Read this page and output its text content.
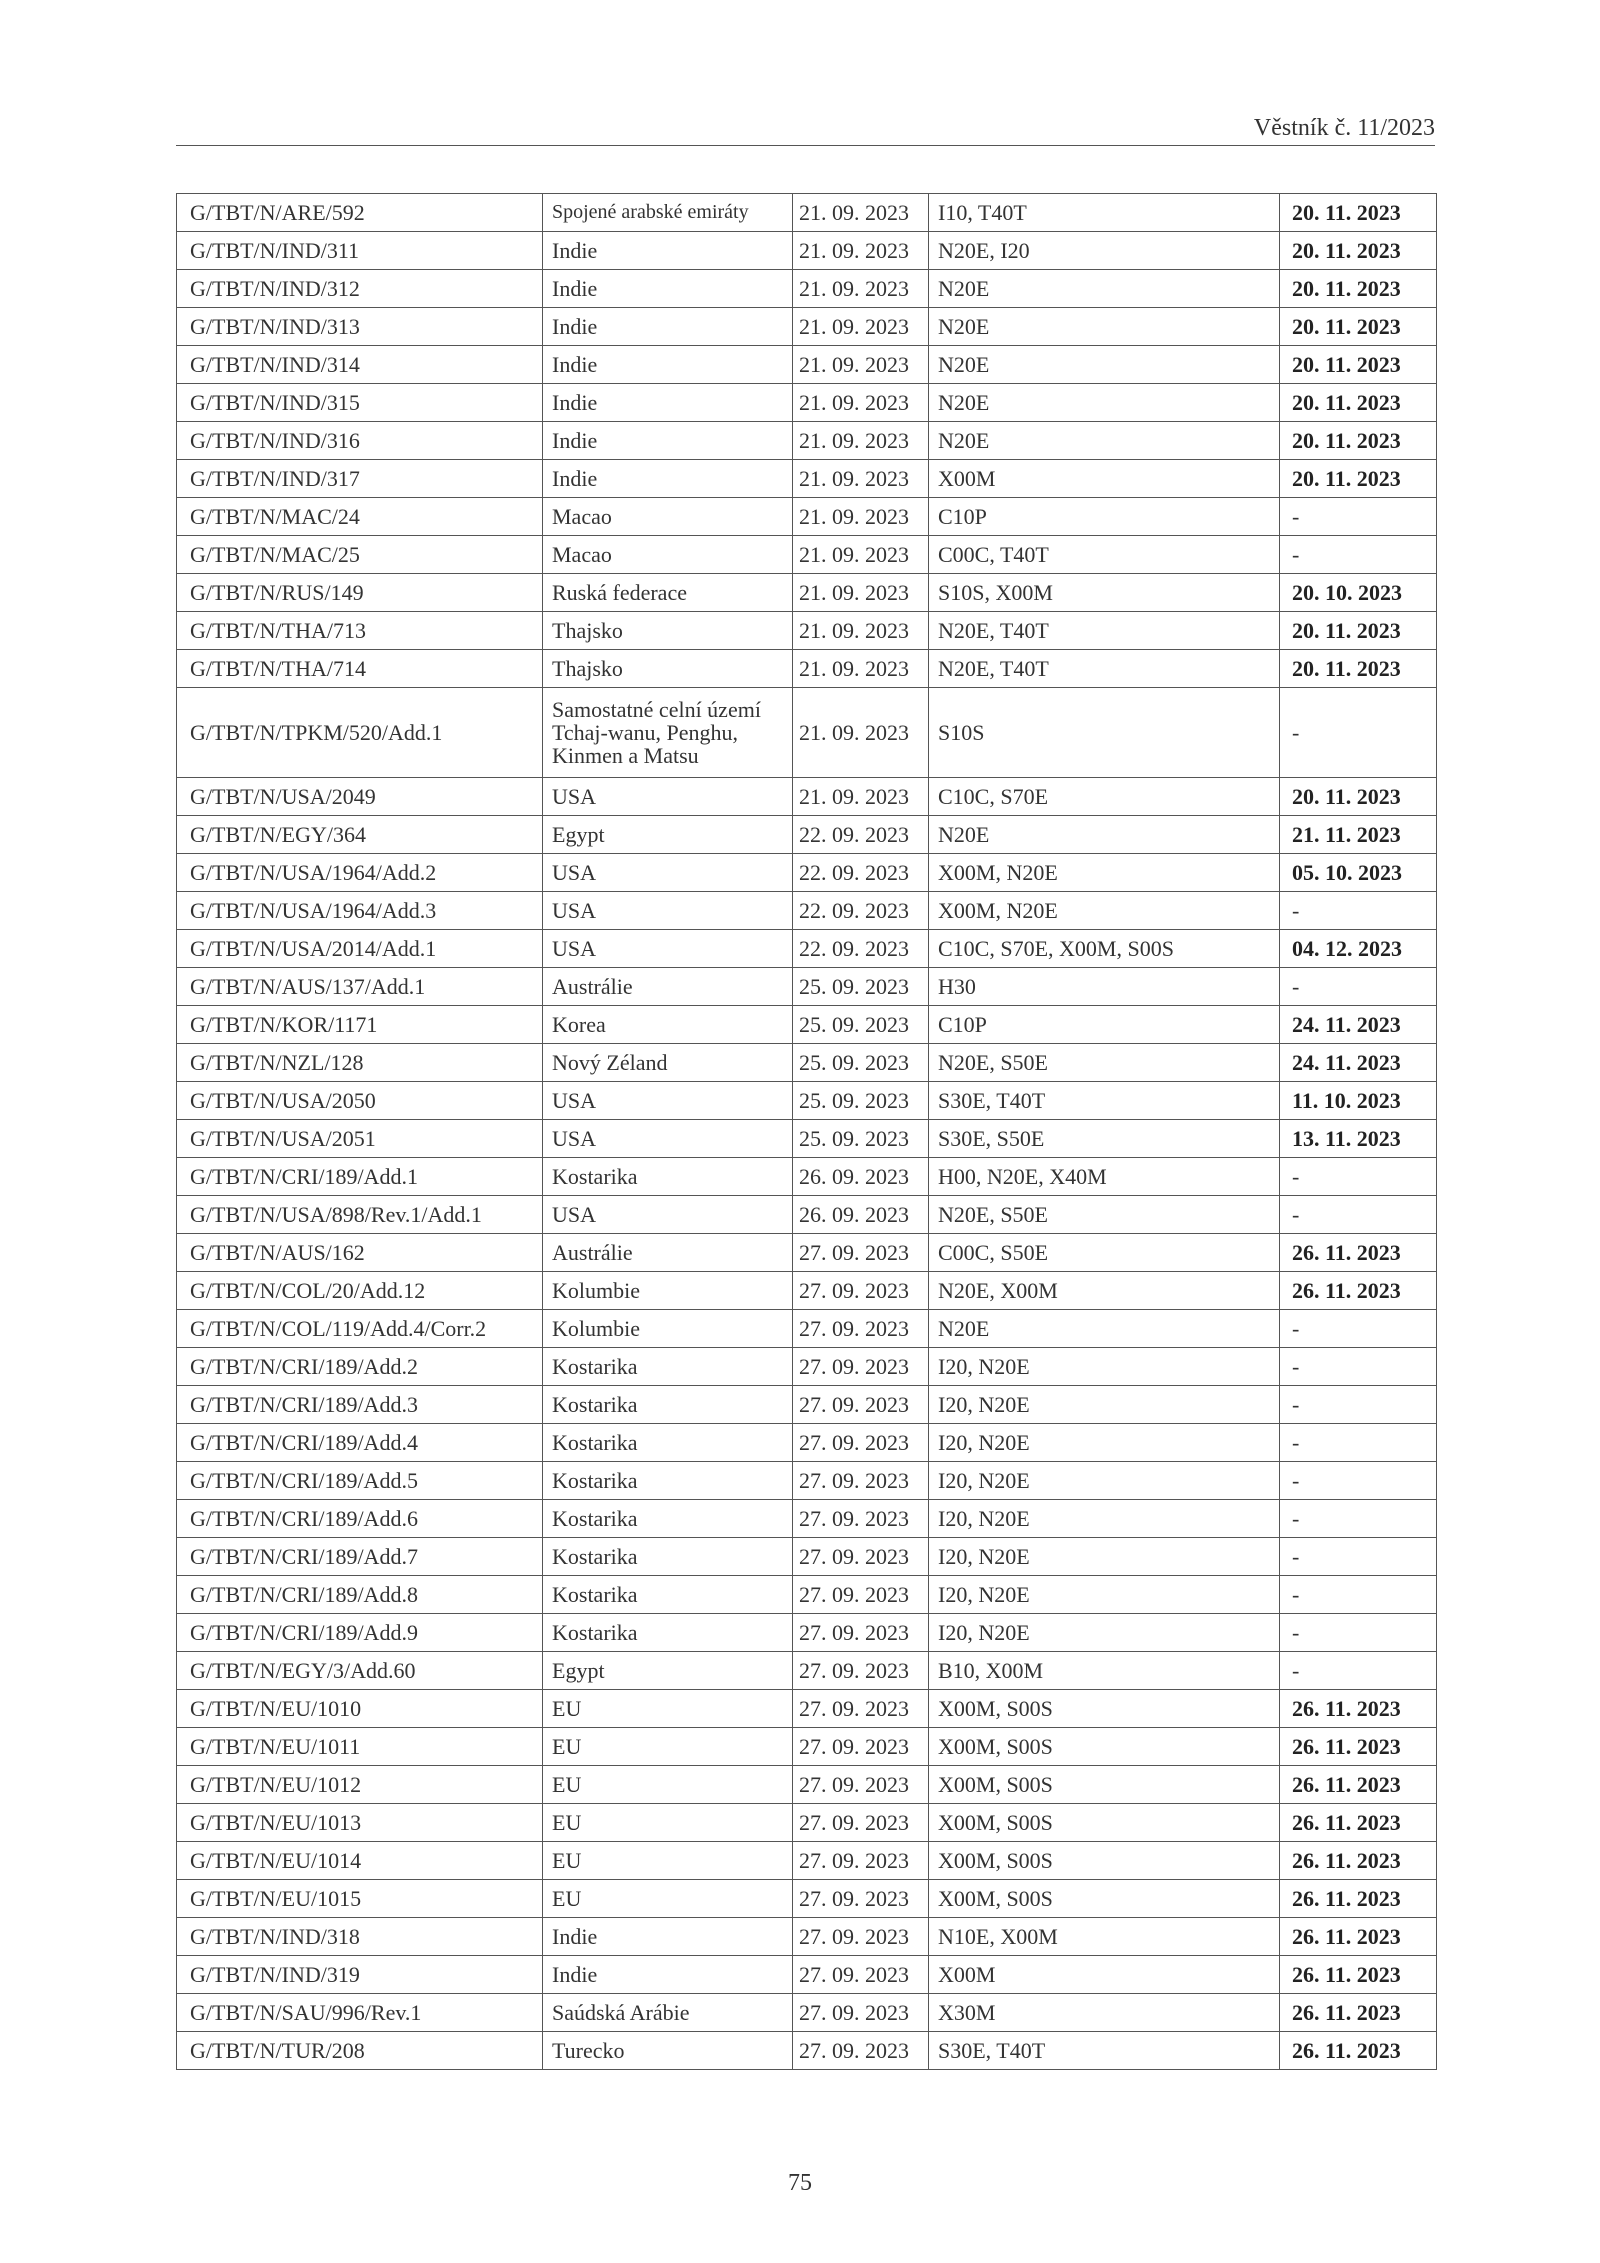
Věstník č. 11/2023
G/TBT/N/ARE/592	Spojené arabské emiráty	21. 09. 2023	I10, T40T	20. 11. 2023
G/TBT/N/IND/311	Indie	21. 09. 2023	N20E, I20	20. 11. 2023
G/TBT/N/IND/312	Indie	21. 09. 2023	N20E	20. 11. 2023
G/TBT/N/IND/313	Indie	21. 09. 2023	N20E	20. 11. 2023
G/TBT/N/IND/314	Indie	21. 09. 2023	N20E	20. 11. 2023
G/TBT/N/IND/315	Indie	21. 09. 2023	N20E	20. 11. 2023
G/TBT/N/IND/316	Indie	21. 09. 2023	N20E	20. 11. 2023
G/TBT/N/IND/317	Indie	21. 09. 2023	X00M	20. 11. 2023
G/TBT/N/MAC/24	Macao	21. 09. 2023	C10P	-
G/TBT/N/MAC/25	Macao	21. 09. 2023	C00C, T40T	-
G/TBT/N/RUS/149	Ruská federace	21. 09. 2023	S10S, X00M	20. 10. 2023
G/TBT/N/THA/713	Thajsko	21. 09. 2023	N20E, T40T	20. 11. 2023
G/TBT/N/THA/714	Thajsko	21. 09. 2023	N20E, T40T	20. 11. 2023
G/TBT/N/TPKM/520/Add.1	Samostatné celní území Tchaj-wanu, Penghu, Kinmen a Matsu	21. 09. 2023	S10S	-
G/TBT/N/USA/2049	USA	21. 09. 2023	C10C, S70E	20. 11. 2023
G/TBT/N/EGY/364	Egypt	22. 09. 2023	N20E	21. 11. 2023
G/TBT/N/USA/1964/Add.2	USA	22. 09. 2023	X00M, N20E	05. 10. 2023
G/TBT/N/USA/1964/Add.3	USA	22. 09. 2023	X00M, N20E	-
G/TBT/N/USA/2014/Add.1	USA	22. 09. 2023	C10C, S70E, X00M, S00S	04. 12. 2023
G/TBT/N/AUS/137/Add.1	Austrálie	25. 09. 2023	H30	-
G/TBT/N/KOR/1171	Korea	25. 09. 2023	C10P	24. 11. 2023
G/TBT/N/NZL/128	Nový Zéland	25. 09. 2023	N20E, S50E	24. 11. 2023
G/TBT/N/USA/2050	USA	25. 09. 2023	S30E, T40T	11. 10. 2023
G/TBT/N/USA/2051	USA	25. 09. 2023	S30E, S50E	13. 11. 2023
G/TBT/N/CRI/189/Add.1	Kostarika	26. 09. 2023	H00, N20E, X40M	-
G/TBT/N/USA/898/Rev.1/Add.1	USA	26. 09. 2023	N20E, S50E	-
G/TBT/N/AUS/162	Austrálie	27. 09. 2023	C00C, S50E	26. 11. 2023
G/TBT/N/COL/20/Add.12	Kolumbie	27. 09. 2023	N20E, X00M	26. 11. 2023
G/TBT/N/COL/119/Add.4/Corr.2	Kolumbie	27. 09. 2023	N20E	-
G/TBT/N/CRI/189/Add.2	Kostarika	27. 09. 2023	I20, N20E	-
G/TBT/N/CRI/189/Add.3	Kostarika	27. 09. 2023	I20, N20E	-
G/TBT/N/CRI/189/Add.4	Kostarika	27. 09. 2023	I20, N20E	-
G/TBT/N/CRI/189/Add.5	Kostarika	27. 09. 2023	I20, N20E	-
G/TBT/N/CRI/189/Add.6	Kostarika	27. 09. 2023	I20, N20E	-
G/TBT/N/CRI/189/Add.7	Kostarika	27. 09. 2023	I20, N20E	-
G/TBT/N/CRI/189/Add.8	Kostarika	27. 09. 2023	I20, N20E	-
G/TBT/N/CRI/189/Add.9	Kostarika	27. 09. 2023	I20, N20E	-
G/TBT/N/EGY/3/Add.60	Egypt	27. 09. 2023	B10, X00M	-
G/TBT/N/EU/1010	EU	27. 09. 2023	X00M, S00S	26. 11. 2023
G/TBT/N/EU/1011	EU	27. 09. 2023	X00M, S00S	26. 11. 2023
G/TBT/N/EU/1012	EU	27. 09. 2023	X00M, S00S	26. 11. 2023
G/TBT/N/EU/1013	EU	27. 09. 2023	X00M, S00S	26. 11. 2023
G/TBT/N/EU/1014	EU	27. 09. 2023	X00M, S00S	26. 11. 2023
G/TBT/N/EU/1015	EU	27. 09. 2023	X00M, S00S	26. 11. 2023
G/TBT/N/IND/318	Indie	27. 09. 2023	N10E, X00M	26. 11. 2023
G/TBT/N/IND/319	Indie	27. 09. 2023	X00M	26. 11. 2023
G/TBT/N/SAU/996/Rev.1	Saúdská Arábie	27. 09. 2023	X30M	26. 11. 2023
G/TBT/N/TUR/208	Turecko	27. 09. 2023	S30E, T40T	26. 11. 2023
75
